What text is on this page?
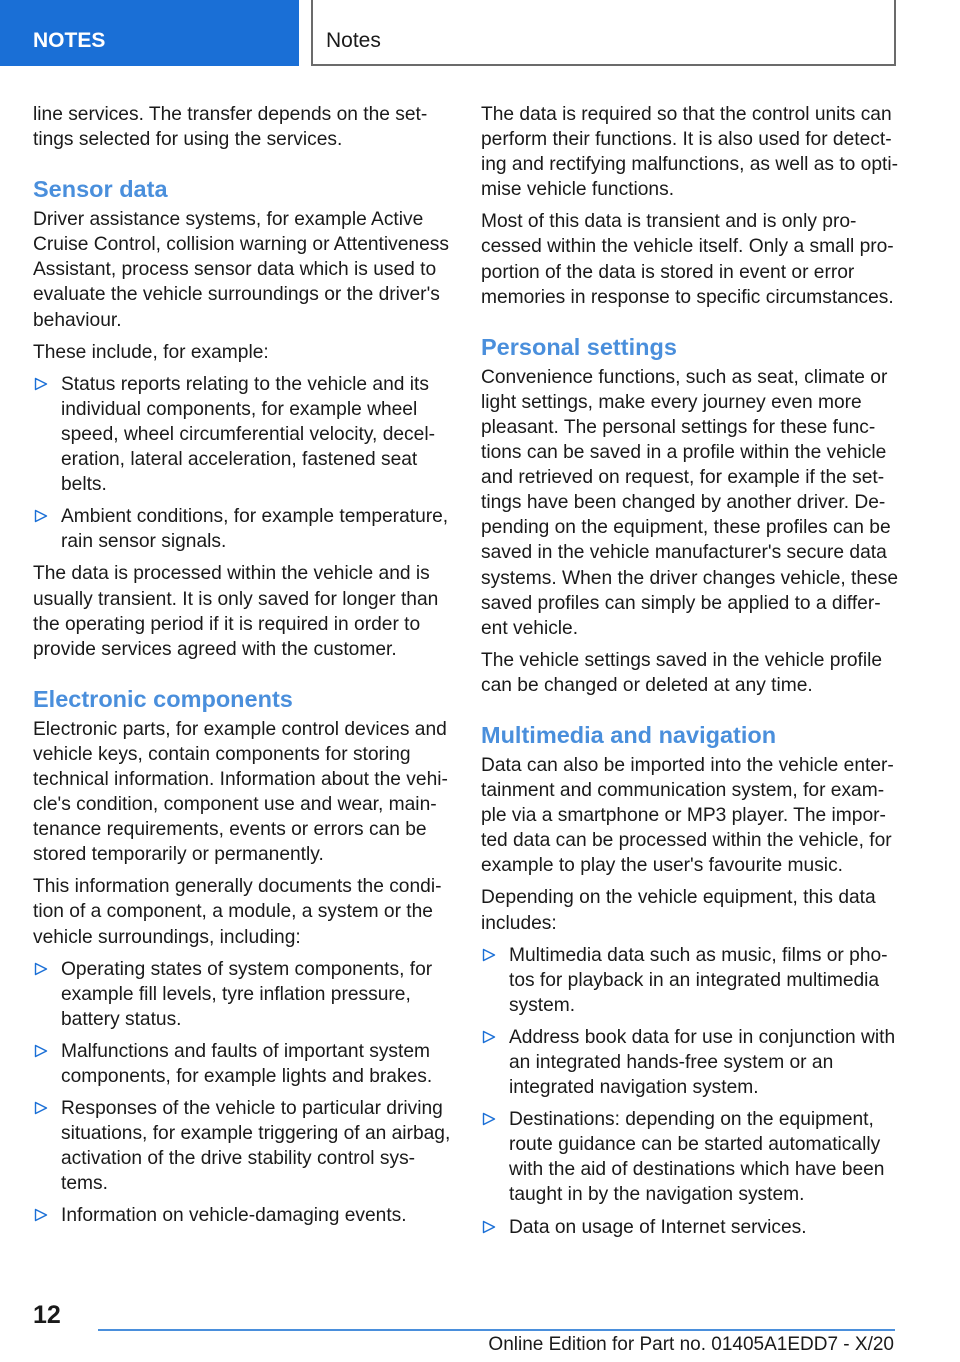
NOTES	Notes

line services. The transfer depends on the set-tings selected for using the services.

Sensor data

Driver assistance systems, for example Active Cruise Control, collision warning or Attentiveness Assistant, process sensor data which is used to evaluate the vehicle surroundings or the driver's behaviour.

These include, for example:

Status reports relating to the vehicle and its individual components, for example wheel speed, wheel circumferential velocity, decel-eration, lateral acceleration, fastened seat belts.
Ambient conditions, for example temperature, rain sensor signals.

The data is processed within the vehicle and is usually transient. It is only saved for longer than the operating period if it is required in order to provide services agreed with the customer.

Electronic components

Electronic parts, for example control devices and vehicle keys, contain components for storing technical information. Information about the vehi-cle's condition, component use and wear, main-tenance requirements, events or errors can be stored temporarily or permanently.

This information generally documents the condi-tion of a component, a module, a system or the vehicle surroundings, including:

Operating states of system components, for example fill levels, tyre inflation pressure, battery status.
Malfunctions and faults of important system components, for example lights and brakes.
Responses of the vehicle to particular driving situations, for example triggering of an airbag, activation of the drive stability control sys-tems.
Information on vehicle-damaging events.

The data is required so that the control units can perform their functions. It is also used for detect-ing and rectifying malfunctions, as well as to opti-mise vehicle functions.

Most of this data is transient and is only pro-cessed within the vehicle itself. Only a small pro-portion of the data is stored in event or error memories in response to specific circumstances.

Personal settings

Convenience functions, such as seat, climate or light settings, make every journey even more pleasant. The personal settings for these func-tions can be saved in a profile within the vehicle and retrieved on request, for example if the set-tings have been changed by another driver. De-pending on the equipment, these profiles can be saved in the vehicle manufacturer's secure data systems. When the driver changes vehicle, these saved profiles can simply be applied to a differ-ent vehicle.

The vehicle settings saved in the vehicle profile can be changed or deleted at any time.

Multimedia and navigation

Data can also be imported into the vehicle enter-tainment and communication system, for exam-ple via a smartphone or MP3 player. The impor-ted data can be processed within the vehicle, for example to play the user's favourite music.

Depending on the vehicle equipment, this data includes:

Multimedia data such as music, films or pho-tos for playback in an integrated multimedia system.
Address book data for use in conjunction with an integrated hands-free system or an integrated navigation system.
Destinations: depending on the equipment, route guidance can be started automatically with the aid of destinations which have been taught in by the navigation system.
Data on usage of Internet services.
12
Online Edition for Part no. 01405A1EDD7 - X/20
